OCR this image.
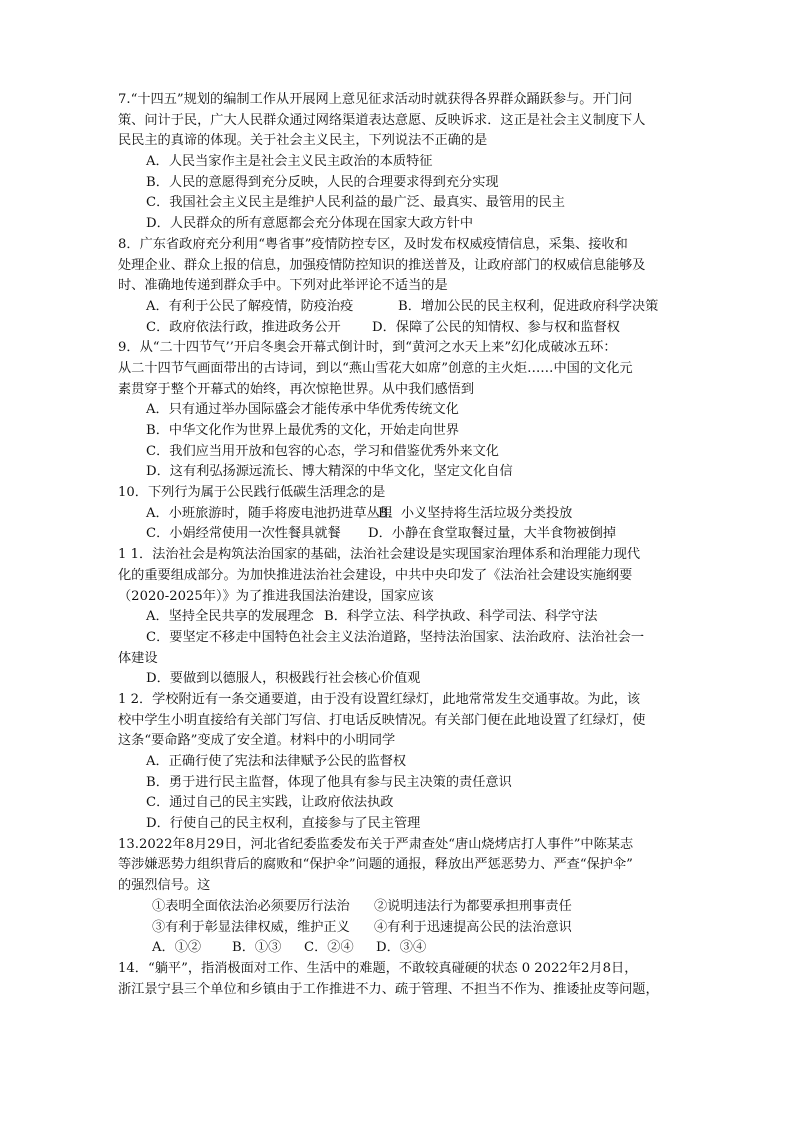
7.“十四五”规划的编制工作从开展网上意见征求活动时就获得各界群众踊跃参与。开门问
策、问计于民，广大人民群众通过网络渠道表达意愿、反映诉求．这正是社会主义制度下人
民民主的真谛的体现。关于社会主义民主，下列说法不正确的是
A．人民当家作主是社会主义民主政治的本质特征
B．人民的意愿得到充分反映，人民的合理要求得到充分实现
C．我国社会主义民主是维护人民利益的最广泛、最真实、最管用的民主
D．人民群众的所有意愿都会充分体现在国家大政方针中
8．广东省政府充分利用“粤省事”疫情防控专区，及时发布权威疫情信息，采集、接收和
处理企业、群众上报的信息，加强疫情防控知识的推送普及，让政府部门的权威信息能够及
时、准确地传递到群众手中。下列对此举评论不适当的是
A．有利于公民了解疫情，防疫治疫	B．增加公民的民主权利，促进政府科学决策
C．政府依法行政，推进政务公开	D．保障了公民的知情权、参与权和监督权
9．从“二十四节气’’开启冬奥会开幕式倒计时，到“黄河之水天上来”幻化成破冰五环：
从二十四节气画面带出的古诗词，到以“燕山雪花大如席”创意的主火炬……中国的文化元
素贯穿于整个开幕式的始终，再次惊艳世界。从中我们感悟到
A．只有通过举办国际盛会才能传承中华优秀传统文化
B．中华文化作为世界上最优秀的文化，开始走向世界
C．我们应当用开放和包容的心态，学习和借鉴优秀外来文化
D．这有利弘扬源远流长、博大精深的中华文化，坚定文化自信
10．下列行为属于公民践行低碳生活理念的是
A．小班旅游时，随手将废电池扔进草丛里
B．小义坚持将生活垃圾分类投放
C．小娟经常使用一次性餐具就餐	D．小静在食堂取餐过量，大半食物被倒掉
1 1．法治社会是构筑法治国家的基础，法治社会建设是实现国家治理体系和治理能力现代
化的重要组成部分。为加快推进法治社会建设，中共中央印发了《法治社会建设实施纲要
（2020-2025年）》为了推进我国法治建设，国家应该
A．坚持全民共享的发展理念 B．科学立法、科学执政、科学司法、科学守法
C．要坚定不移走中国特色社会主义法治道路，坚持法治国家、法治政府、法治社会一
体建设
D．要做到以德服人，积极践行社会核心价值观
1 2．学校附近有一条交通要道，由于没有设置红绿灯，此地常常发生交通事故。为此，该
校中学生小明直接给有关部门写信、打电话反映情况。有关部门便在此地设置了红绿灯，使
这条“要命路”变成了安全道。材料中的小明同学
A．正确行使了宪法和法律赋予公民的监督权
B．勇于进行民主监督，体现了他具有参与民主决策的责任意识
C．通过自己的民主实践，让政府依法执政
D．行使自己的民主权利，直接参与了民主管理
13.2022年8月29日，河北省纪委监委发布关于严肃查处“唐山烧烤店打人事件”中陈某志
等涉嫌恶势力组织背后的腐败和“保护伞”问题的通报，释放出严惩恶势力、严查“保护伞”
的强烈信号。这
①表明全面依法治必须要厉行法治	②说明违法行为都要承担刑事责任
③有利于彰显法律权威，维护正义	④有利于迅速提高公民的法治意识
A．①② B．①③ C．②④ D．③④
14．“躺平”，指消极面对工作、生活中的难题，不敢较真碰硬的状态 0 2022年2月8日，
浙江景宁县三个单位和乡镇由于工作推进不力、疏于管理、不担当不作为、推诿扯皮等问题，
